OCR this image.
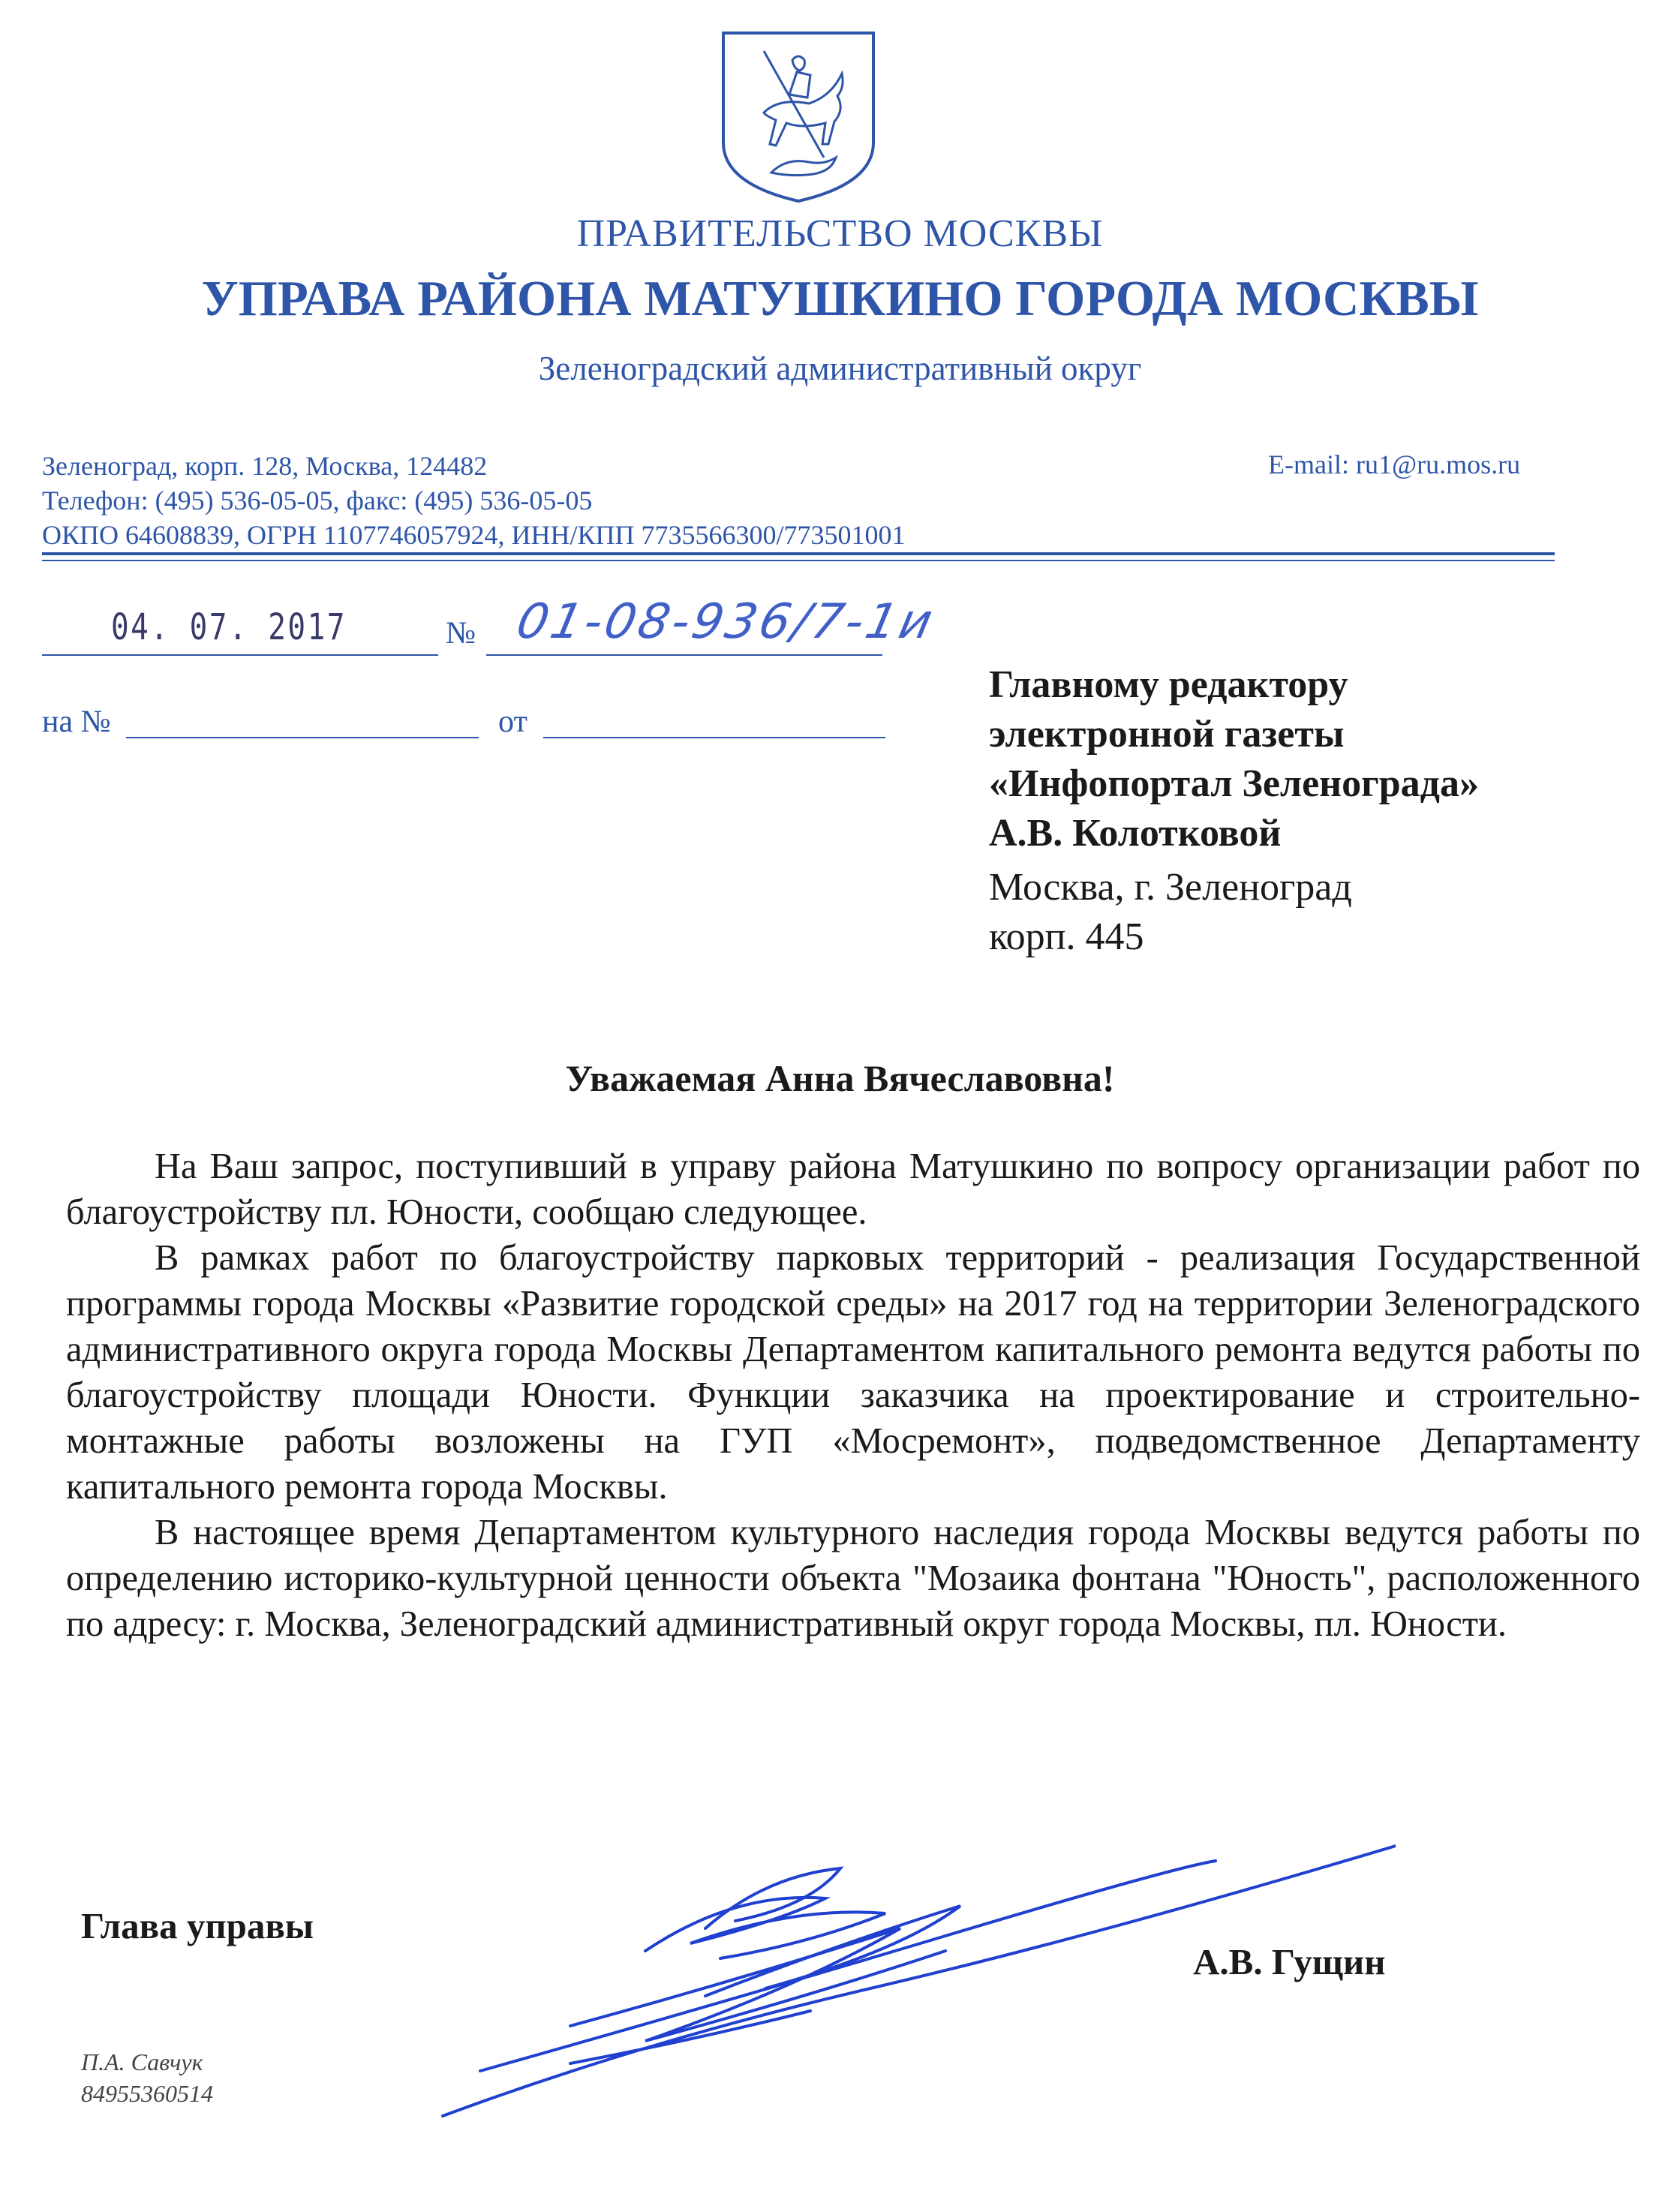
ПРАВИТЕЛЬСТВО МОСКВЫ
УПРАВА РАЙОНА МАТУШКИНО ГОРОДА МОСКВЫ
Зеленоградский административный округ
Зеленоград, корп. 128, Москва, 124482
Телефон: (495) 536-05-05, факс: (495) 536-05-05
ОКПО 64608839, ОГРН 1107746057924, ИНН/КПП 7735566300/773501001
E-mail: ru1@ru.mos.ru
04. 07. 2017	№ 01-08-936/7-1и
на №	от
Главному редактору
электронной газеты
«Инфопортал Зеленограда»
А.В. Колотковой
Москва, г. Зеленоград
корп. 445
Уважаемая Анна Вячеславовна!

На Ваш запрос, поступивший в управу района Матушкино по вопросу организации работ по благоустройству пл. Юности, сообщаю следующее.

В рамках работ по благоустройству парковых территорий - реализация Государственной программы города Москвы «Развитие городской среды» на 2017 год на территории Зеленоградского административного округа города Москвы Департаментом капитального ремонта ведутся работы по благоустройству площади Юности. Функции заказчика на проектирование и строительно-монтажные работы возложены на ГУП «Мосремонт», подведомственное Департаменту капитального ремонта города Москвы.

В настоящее время Департаментом культурного наследия города Москвы ведутся работы по определению историко-культурной ценности объекта "Мозаика фонтана "Юность", расположенного по адресу: г. Москва, Зеленоградский административный округ города Москвы, пл. Юности.

Глава управы
А.В. Гущин
П.А. Савчук
84955360514
